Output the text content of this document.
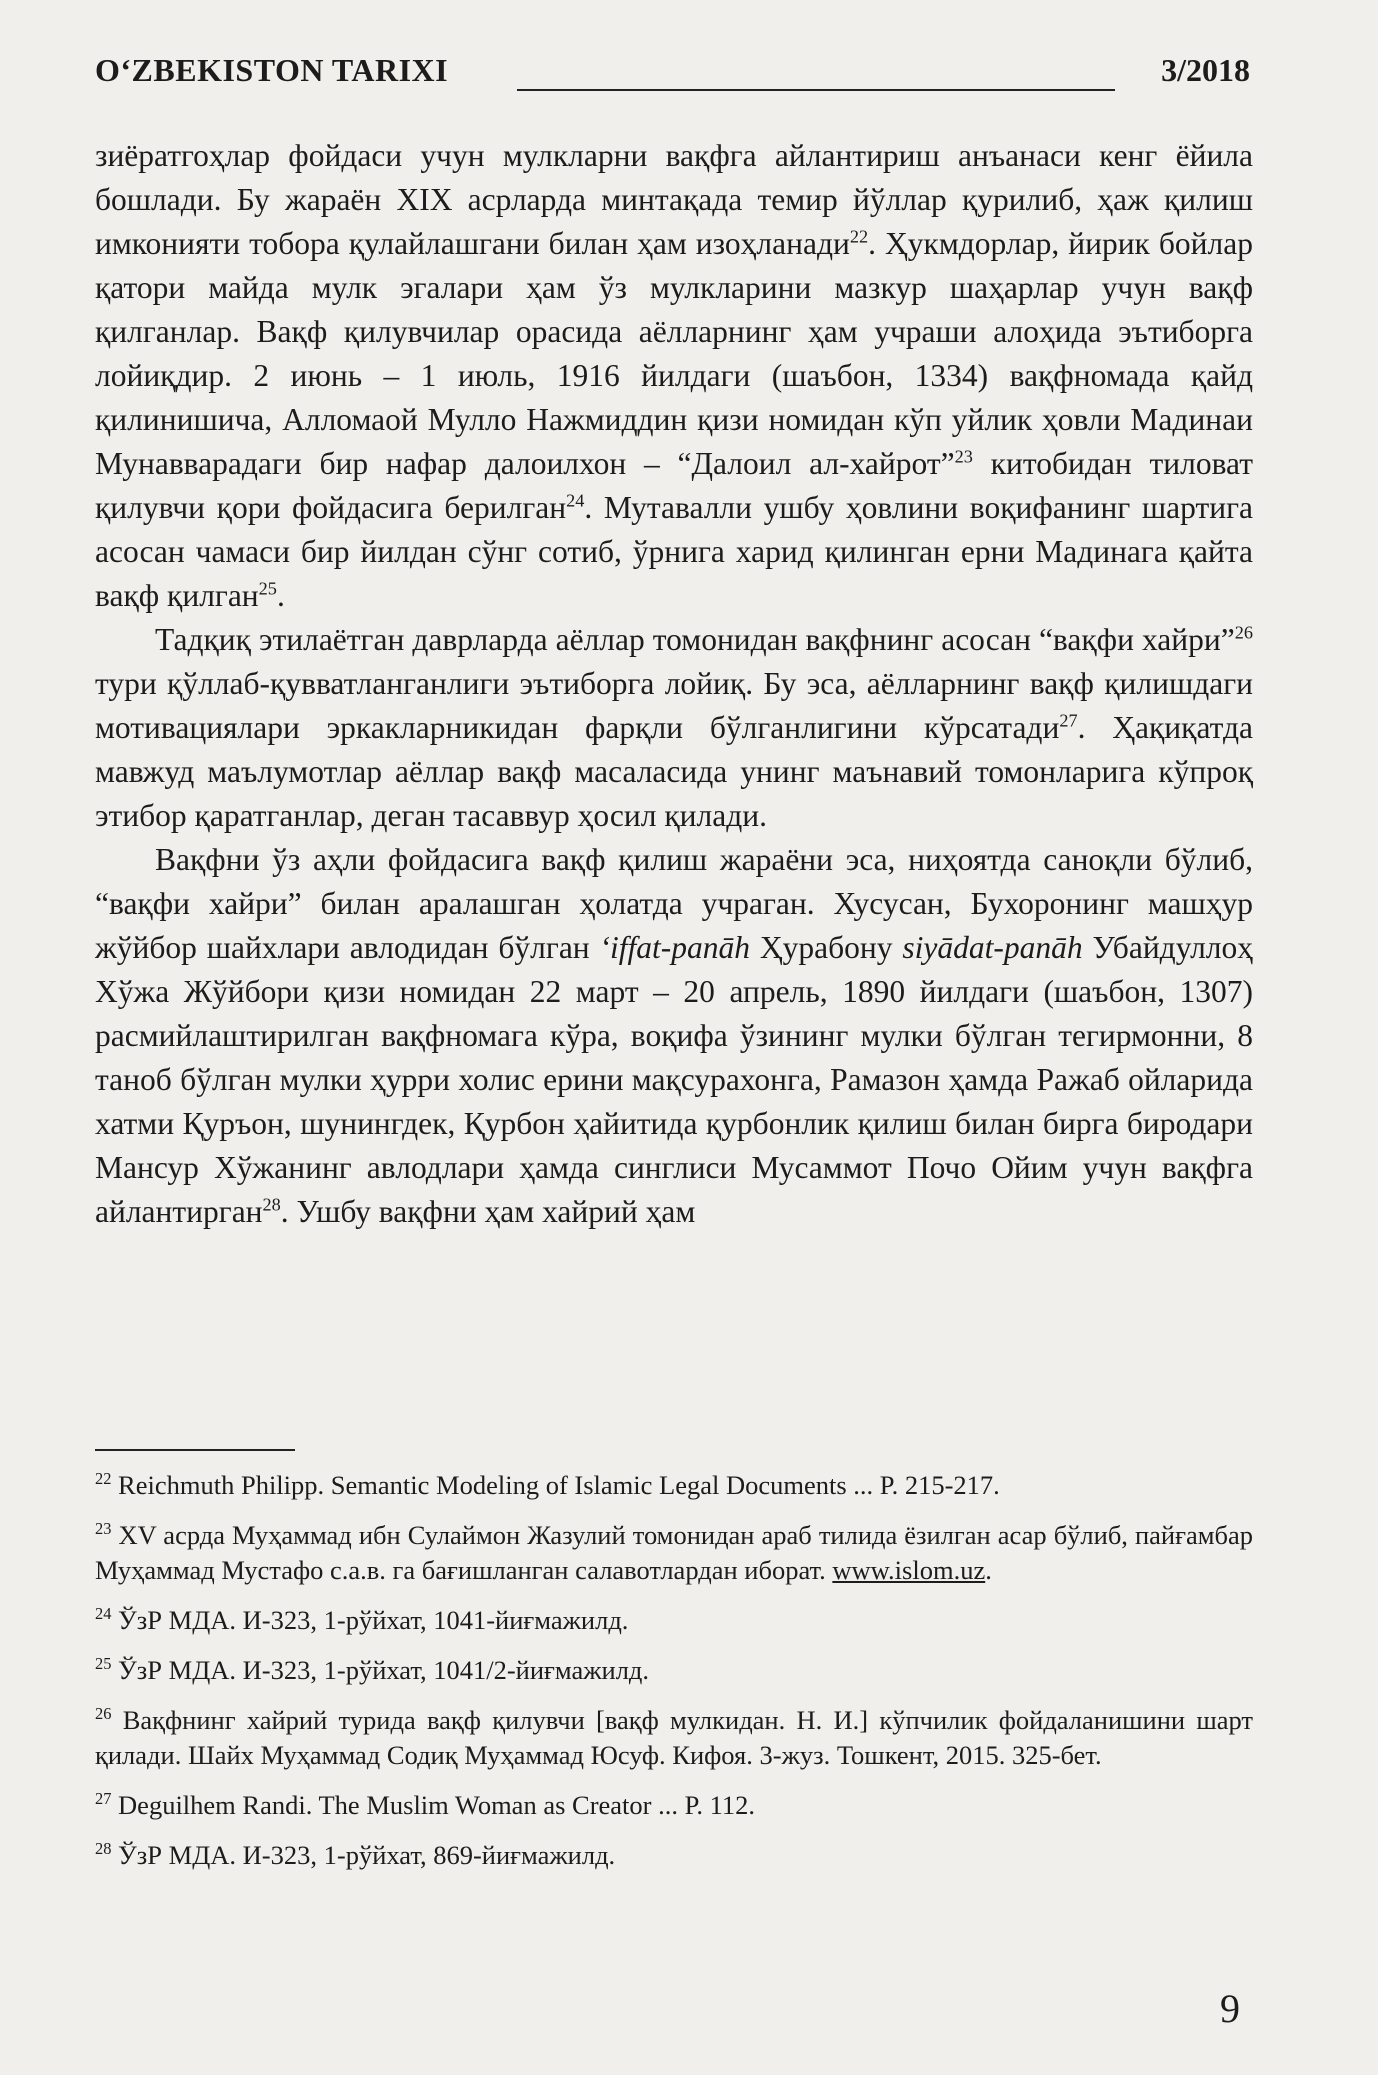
O‘ZBEKISTON TARIXI	3/2018

зиёратгоҳлар фойдаси учун мулкларни вақфга айлантириш анъанаси кенг ёйила бошлади. Бу жараён XIX асрларда минтақада темир йўллар қурилиб, ҳаж қилиш имконияти тобора қулайлашгани билан ҳам изоҳланади$^{22}$. Ҳукмдорлар, йирик бойлар қатори майда мулк эгалари ҳам ўз мулкларини мазкур шаҳарлар учун вақф қилганлар. Вақф қилувчилар орасида аёлларнинг ҳам учраши алоҳида эътиборга лойиқдир. 2 июнь – 1 июль, 1916 йилдаги (шаъбон, 1334) вақфномада қайд қилинишича, Алломаой Мулло Нажмиддин қизи номидан кўп уйлик ҳовли Мадинаи Мунавварадаги бир нафар далоилхон – “Далоил ал-хайрот”$^{23}$ китобидан тиловат қилувчи қори фойдасига берилган$^{24}$. Мутавалли ушбу ҳовлини воқифанинг шартига асосан чамаси бир йилдан сўнг сотиб, ўрнига харид қилинган ерни Мадинага қайта вақф қилган$^{25}$.

Тадқиқ этилаётган даврларда аёллар томонидан вақфнинг асосан “вақфи хайри”$^{26}$ тури қўллаб-қувватланганлиги эътиборга лойиқ. Бу эса, аёлларнинг вақф қилишдаги мотивациялари эркакларникидан фарқли бўлганлигини кўрсатади$^{27}$. Ҳақиқатда мавжуд маълумотлар аёллар вақф масаласида унинг маънавий томонларига кўпроқ этибор қаратганлар, деган тасаввур ҳосил қилади.

Вақфни ўз аҳли фойдасига вақф қилиш жараёни эса, ниҳоятда саноқли бўлиб, “вақфи хайри” билан аралашган ҳолатда учраган. Хусусан, Бухоронинг машҳур жўйбор шайхлари авлодидан бўлган ‘iffat-panāh Ҳурабону siyādat-panāh Убайдуллоҳ Хўжа Жўйбори қизи номидан 22 март – 20 апрель, 1890 йилдаги (шаъбон, 1307) расмийлаштирилган вақфномага кўра, воқифа ўзининг мулки бўлган тегирмонни, 8 таноб бўлган мулки ҳурри холис ерини мақсурахонга, Рамазон ҳамда Ражаб ойларида хатми Қуръон, шунингдек, Қурбон ҳайитида қурбонлик қилиш билан бирга биродари Мансур Хўжанинг авлодлари ҳамда синглиси Мусаммот Почо Ойим учун вақфга айлантирган$^{28}$. Ушбу вақфни ҳам хайрий ҳам

$^{22}$ Reichmuth Philipp. Semantic Modeling of Islamic Legal Documents ... P. 215-217.

$^{23}$ XV асрда Муҳаммад ибн Сулаймон Жазулий томонидан араб тилида ёзилган асар бўлиб, пайғамбар Муҳаммад Мустафо с.а.в. га бағишланган салавотлардан иборат. www.islom.uz.

$^{24}$ ЎзР МДА. И-323, 1-рўйхат, 1041-йиғмажилд.

$^{25}$ ЎзР МДА. И-323, 1-рўйхат, 1041/2-йиғмажилд.

$^{26}$ Вақфнинг хайрий турида вақф қилувчи [вақф мулкидан. Н. И.] кўпчилик фойдаланишини шарт қилади. Шайх Муҳаммад Содиқ Муҳаммад Юсуф. Кифоя. 3-жуз. Тошкент, 2015. 325-бет.

$^{27}$ Deguilhem Randi. The Muslim Woman as Creator ... P. 112.

$^{28}$ ЎзР МДА. И-323, 1-рўйхат, 869-йиғмажилд.

9
